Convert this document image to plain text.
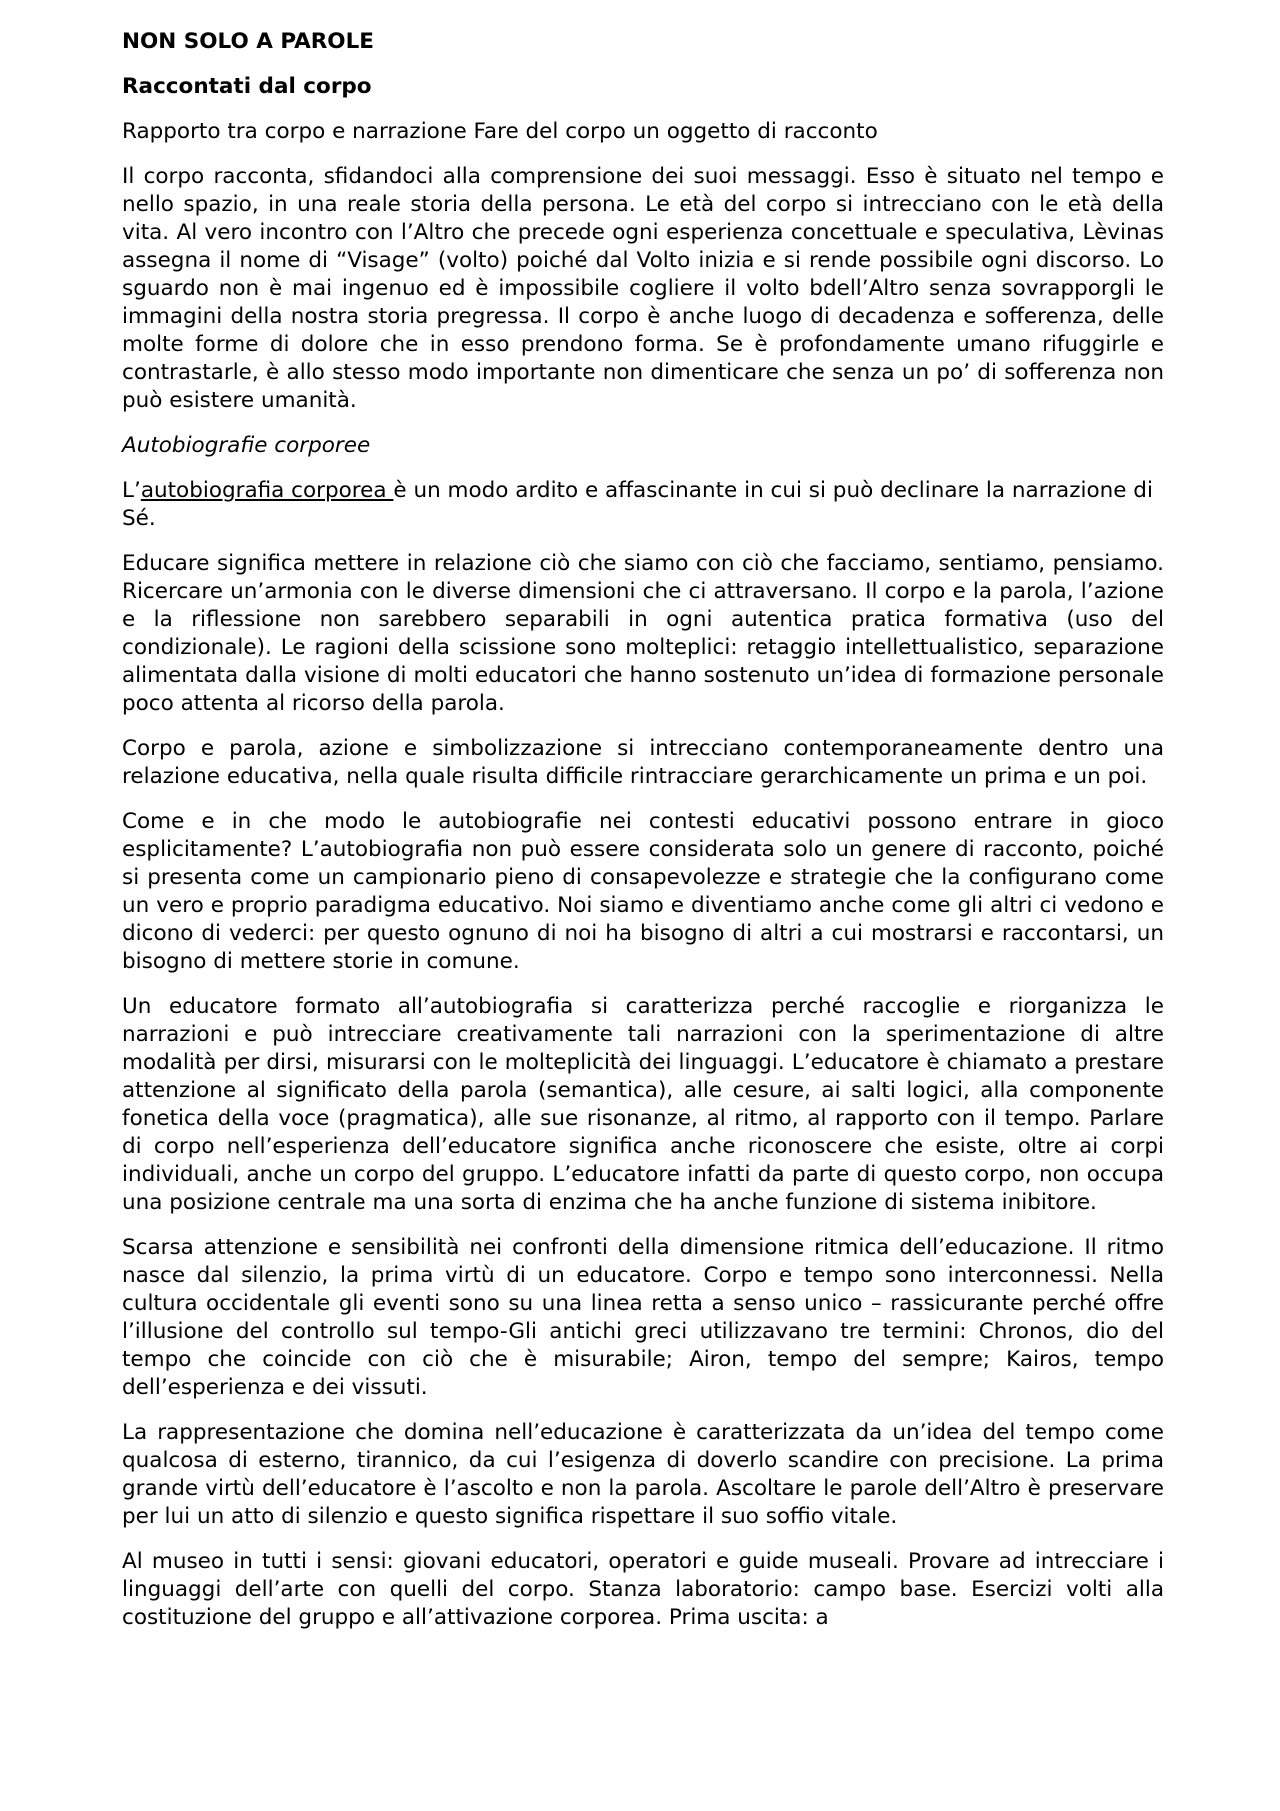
NON SOLO A PAROLE
Raccontati dal corpo

Rapporto tra corpo e narrazione Fare del corpo un oggetto di racconto

Il corpo racconta, sfidandoci alla comprensione dei suoi messaggi. Esso è situato nel tempo e nello spazio, in una reale storia della persona. Le età del corpo si intrecciano con le età della vita. Al vero incontro con l’Altro che precede ogni esperienza concettuale e speculativa, Lèvinas assegna il nome di “Visage” (volto) poiché dal Volto inizia e si rende possibile ogni discorso. Lo sguardo non è mai ingenuo ed è impossibile cogliere il volto bdell’Altro senza sovrapporgli le immagini della nostra storia pregressa. Il corpo è anche luogo di decadenza e sofferenza, delle molte forme di dolore che in esso prendono forma. Se è profondamente umano rifuggirle e contrastarle, è allo stesso modo importante non dimenticare che senza un po’ di sofferenza non può esistere umanità.

Autobiografie corporee

L’autobiografia corporea è un modo ardito e affascinante in cui si può declinare la narrazione di Sé.

Educare significa mettere in relazione ciò che siamo con ciò che facciamo, sentiamo, pensiamo. Ricercare un’armonia con le diverse dimensioni che ci attraversano. Il corpo e la parola, l’azione e la riflessione non sarebbero separabili in ogni autentica pratica formativa (uso del condizionale). Le ragioni della scissione sono molteplici: retaggio intellettualistico, separazione alimentata dalla visione di molti educatori che hanno sostenuto un’idea di formazione personale poco attenta al ricorso della parola.

Corpo e parola, azione e simbolizzazione si intrecciano contemporaneamente dentro una relazione educativa, nella quale risulta difficile rintracciare gerarchicamente un prima e un poi.

Come e in che modo le autobiografie nei contesti educativi possono entrare in gioco esplicitamente? L’autobiografia non può essere considerata solo un genere di racconto, poiché si presenta come un campionario pieno di consapevolezze e strategie che la configurano come un vero e proprio paradigma educativo. Noi siamo e diventiamo anche come gli altri ci vedono e dicono di vederci: per questo ognuno di noi ha bisogno di altri a cui mostrarsi e raccontarsi, un bisogno di mettere storie in comune.

Un educatore formato all’autobiografia si caratterizza perché raccoglie e riorganizza le narrazioni e può intrecciare creativamente tali narrazioni con la sperimentazione di altre modalità per dirsi, misurarsi con le molteplicità dei linguaggi. L’educatore è chiamato a prestare attenzione al significato della parola (semantica), alle cesure, ai salti logici, alla componente fonetica della voce (pragmatica), alle sue risonanze, al ritmo, al rapporto con il tempo. Parlare di corpo nell’esperienza dell’educatore significa anche riconoscere che esiste, oltre ai corpi individuali, anche un corpo del gruppo. L’educatore infatti da parte di questo corpo, non occupa una posizione centrale ma una sorta di enzima che ha anche funzione di sistema inibitore.

Scarsa attenzione e sensibilità nei confronti della dimensione ritmica dell’educazione. Il ritmo nasce dal silenzio, la prima virtù di un educatore. Corpo e tempo sono interconnessi. Nella cultura occidentale gli eventi sono su una linea retta a senso unico – rassicurante perché offre l’illusione del controllo sul tempo-Gli antichi greci utilizzavano tre termini: Chronos, dio del tempo che coincide con ciò che è misurabile; Airon, tempo del sempre; Kairos, tempo dell’esperienza e dei vissuti.

La rappresentazione che domina nell’educazione è caratterizzata da un’idea del tempo come qualcosa di esterno, tirannico, da cui l’esigenza di doverlo scandire con precisione. La prima grande virtù dell’educatore è l’ascolto e non la parola. Ascoltare le parole dell’Altro è preservare per lui un atto di silenzio e questo significa rispettare il suo soffio vitale.

Al museo in tutti i sensi: giovani educatori, operatori e guide museali. Provare ad intrecciare i linguaggi dell’arte con quelli del corpo. Stanza laboratorio: campo base. Esercizi volti alla costituzione del gruppo e all’attivazione corporea. Prima uscita: a
